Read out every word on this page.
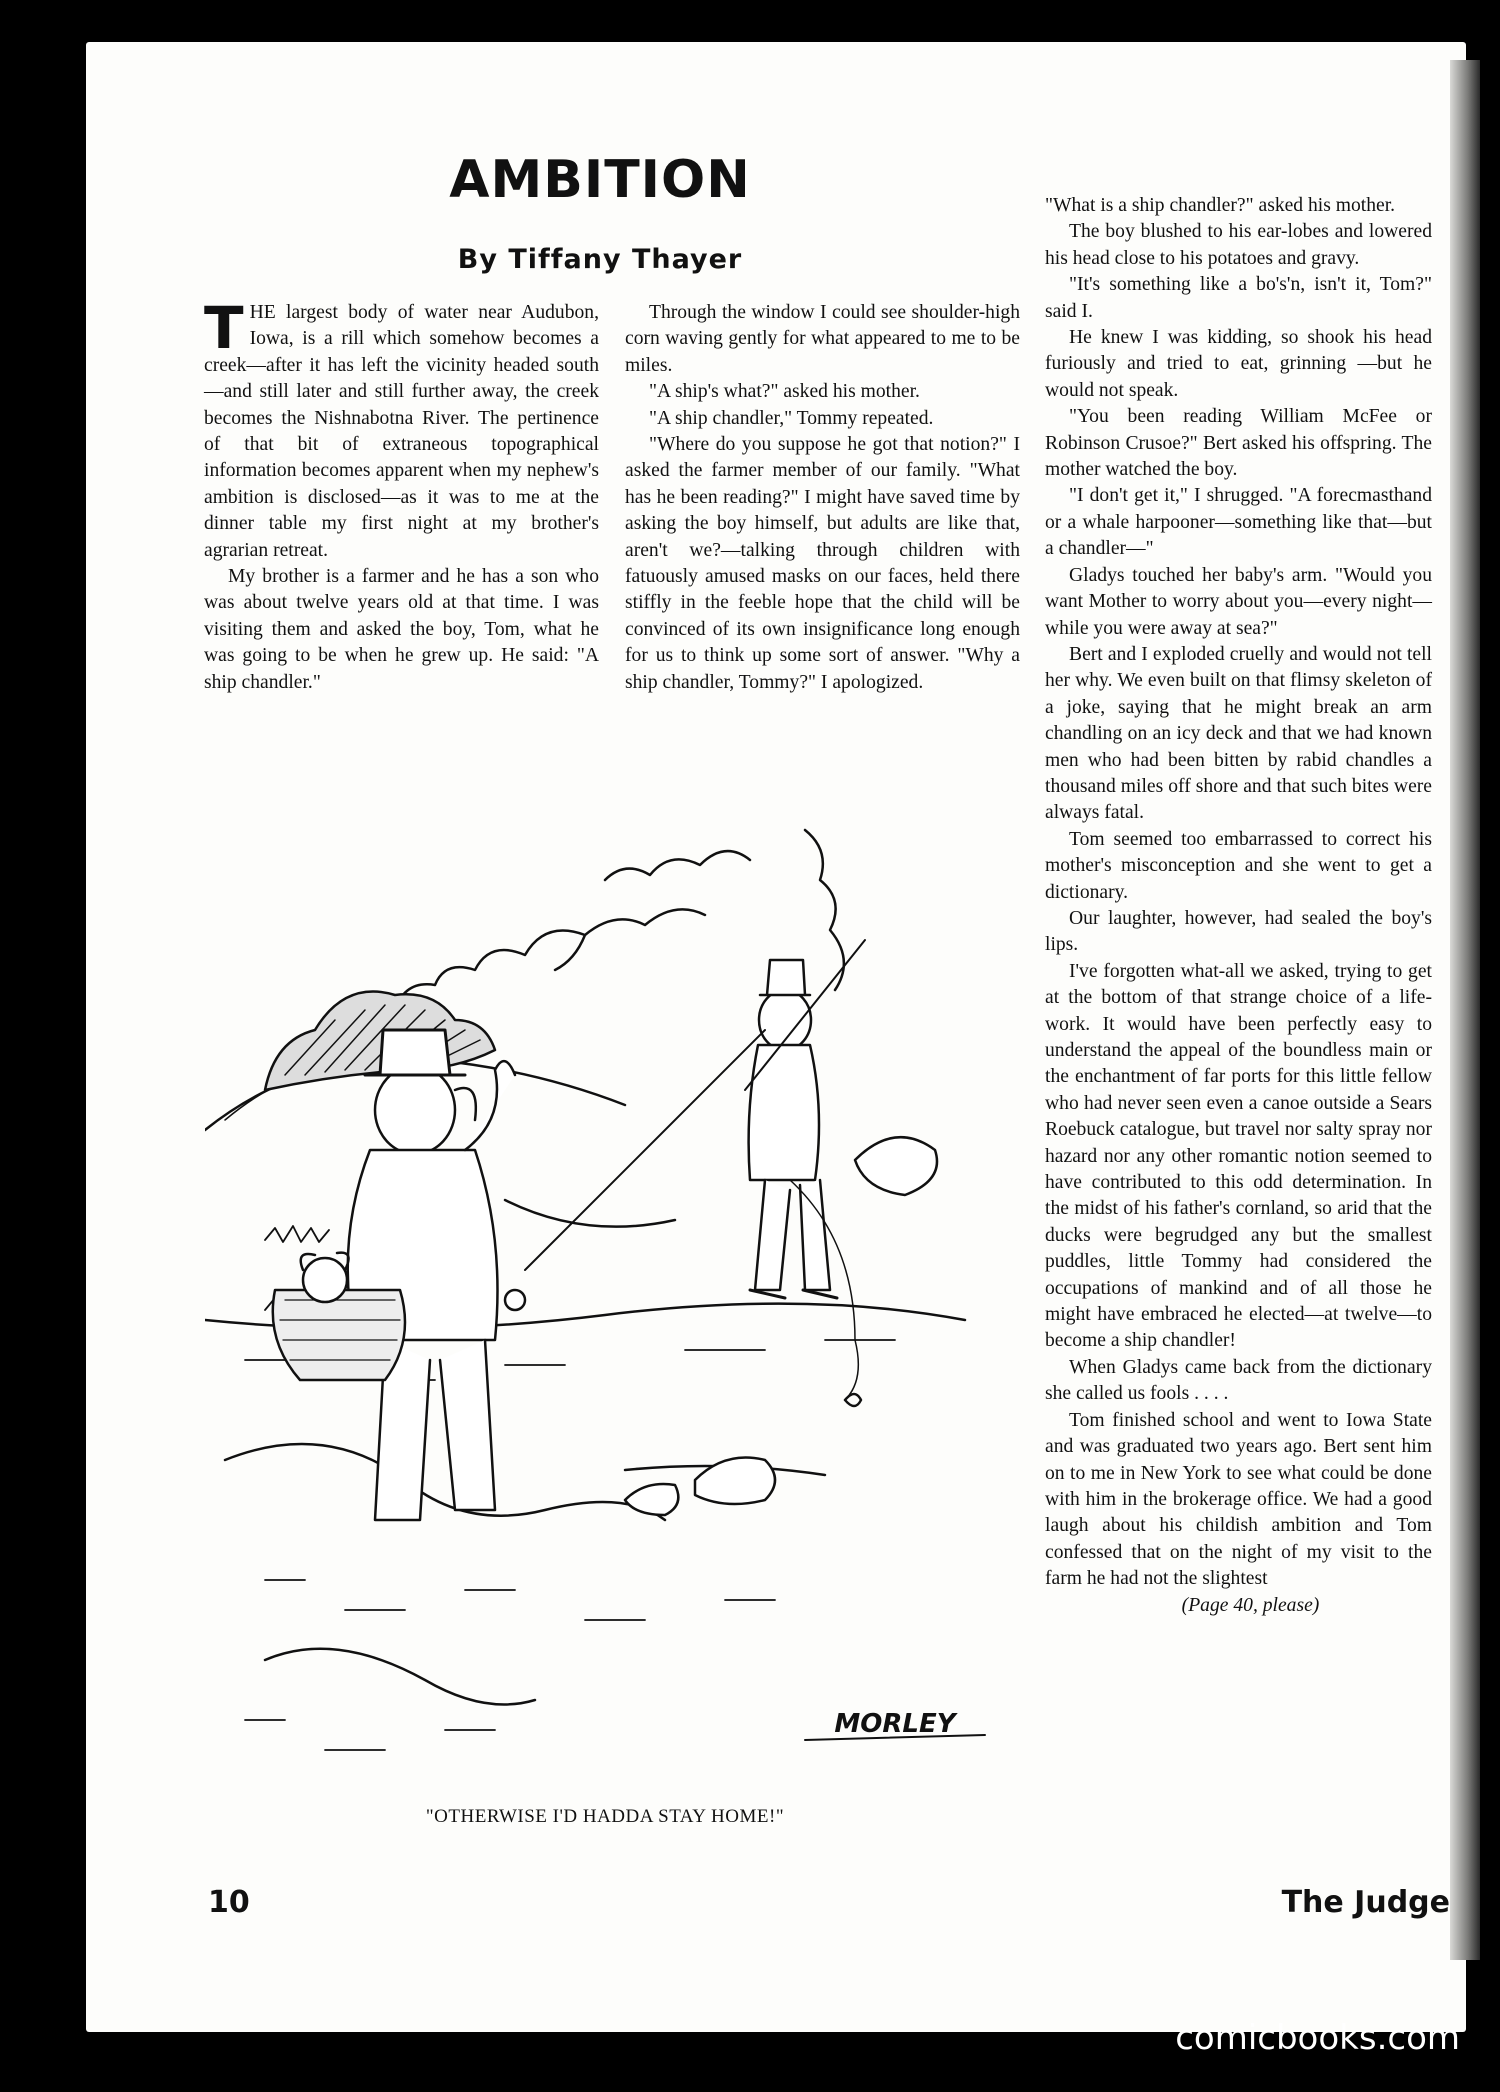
AMBITION
By Tiffany Thayer

THE largest body of water near Audubon, Iowa, is a rill which somehow becomes a creek—after it has left the vicinity headed south—and still later and still further away, the creek becomes the Nishnabotna River. The pertinence of that bit of extraneous topographical information becomes apparent when my nephew's ambition is disclosed—as it was to me at the dinner table my first night at my brother's agrarian retreat.

My brother is a farmer and he has a son who was about twelve years old at that time. I was visiting them and asked the boy, Tom, what he was going to be when he grew up. He said: "A ship chandler."

Through the window I could see shoulder-high corn waving gently for what appeared to me to be miles.

"A ship's what?" asked his mother.

"A ship chandler," Tommy repeated.

"Where do you suppose he got that notion?" I asked the farmer member of our family. "What has he been reading?" I might have saved time by asking the boy himself, but adults are like that, aren't we?—talking through children with fatuously amused masks on our faces, held there stiffly in the feeble hope that the child will be convinced of its own insignificance long enough for us to think up some sort of answer. "Why a ship chandler, Tommy?" I apologized.

"What is a ship chandler?" asked his mother.

The boy blushed to his ear-lobes and lowered his head close to his potatoes and gravy.

"It's something like a bo's'n, isn't it, Tom?" said I.

He knew I was kidding, so shook his head furiously and tried to eat, grinning —but he would not speak.

"You been reading William McFee or Robinson Crusoe?" Bert asked his offspring. The mother watched the boy.

"I don't get it," I shrugged. "A forecmasthand or a whale harpooner—something like that—but a chandler—"

Gladys touched her baby's arm. "Would you want Mother to worry about you—every night—while you were away at sea?"

Bert and I exploded cruelly and would not tell her why. We even built on that flimsy skeleton of a joke, saying that he might break an arm chandling on an icy deck and that we had known men who had been bitten by rabid chandles a thousand miles off shore and that such bites were always fatal.

Tom seemed too embarrassed to correct his mother's misconception and she went to get a dictionary.

Our laughter, however, had sealed the boy's lips.

I've forgotten what-all we asked, trying to get at the bottom of that strange choice of a life-work. It would have been perfectly easy to understand the appeal of the boundless main or the enchantment of far ports for this little fellow who had never seen even a canoe outside a Sears Roebuck catalogue, but travel nor salty spray nor hazard nor any other romantic notion seemed to have contributed to this odd determination. In the midst of his father's cornland, so arid that the ducks were begrudged any but the smallest puddles, little Tommy had considered the occupations of mankind and of all those he might have embraced he elected—at twelve—to become a ship chandler!

When Gladys came back from the dictionary she called us fools . . . .

Tom finished school and went to Iowa State and was graduated two years ago. Bert sent him on to me in New York to see what could be done with him in the brokerage office. We had a good laugh about his childish ambition and Tom confessed that on the night of my visit to the farm he had not the slightest

(Page 40, please)

MORLEY
"OTHERWISE I'D HADDA STAY HOME!"
10	The Judge
comicbooks.com
